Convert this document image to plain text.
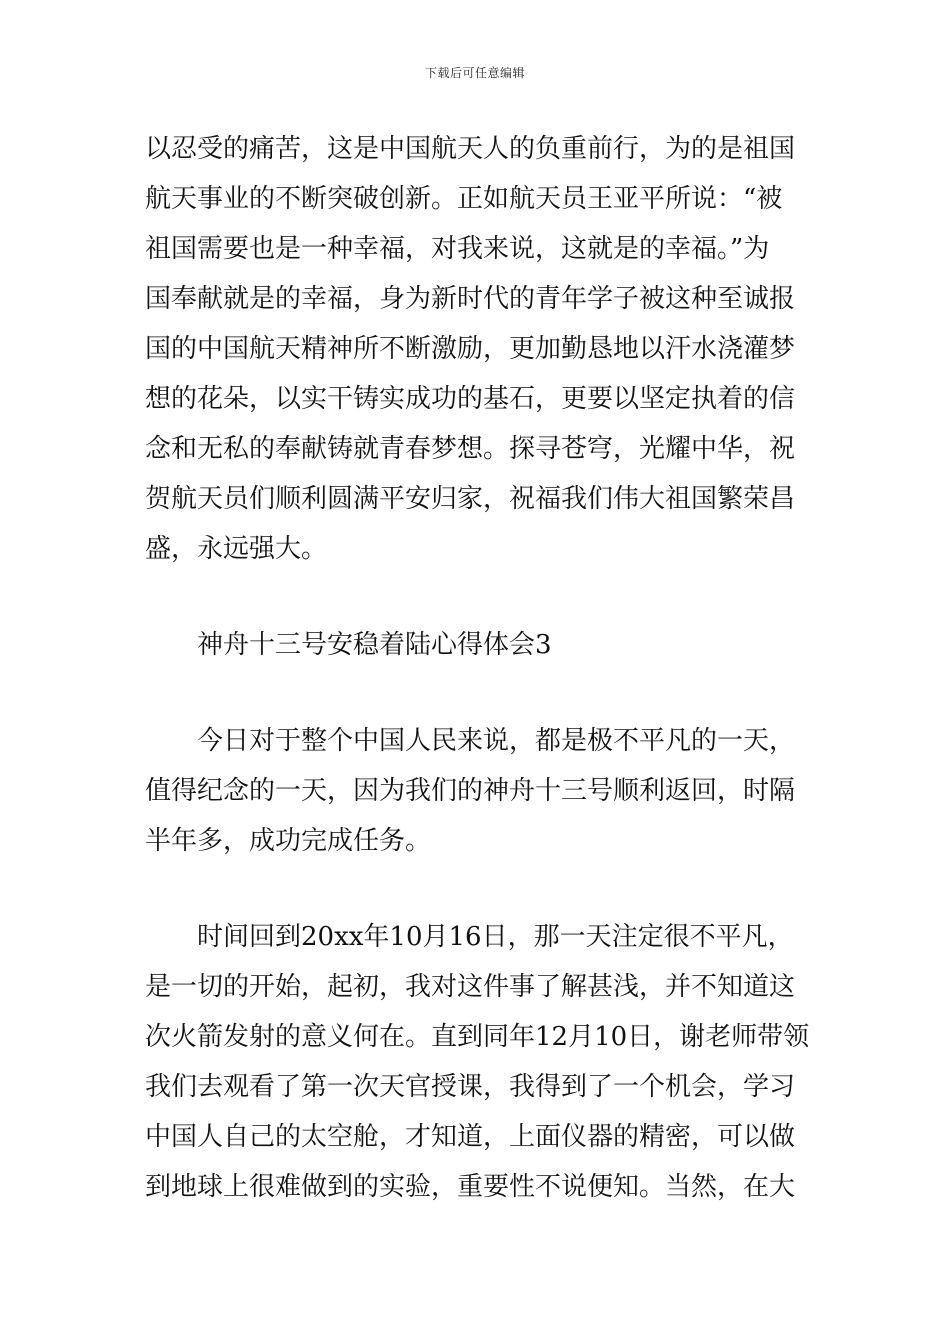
下载后可任意编辑
以忍受的痛苦，这是中国航天人的负重前行，为的是祖国
航天事业的不断突破创新。正如航天员王亚平所说：“被
祖国需要也是一种幸福，对我来说，这就是的幸福。”为
国奉献就是的幸福，身为新时代的青年学子被这种至诚报
国的中国航天精神所不断激励，更加勤恳地以汗水浇灌梦
想的花朵，以实干铸实成功的基石，更要以坚定执着的信
念和无私的奉献铸就青春梦想。探寻苍穹，光耀中华，祝
贺航天员们顺利圆满平安归家，祝福我们伟大祖国繁荣昌
盛，永远强大。
神舟十三号安稳着陆心得体会3
今日对于整个中国人民来说，都是极不平凡的一天，
值得纪念的一天，因为我们的神舟十三号顺利返回，时隔
半年多，成功完成任务。
时间回到20xx年10月16日，那一天注定很不平凡，
是一切的开始，起初，我对这件事了解甚浅，并不知道这
次火箭发射的意义何在。直到同年12月10日，谢老师带领
我们去观看了第一次天官授课，我得到了一个机会，学习
中国人自己的太空舱，才知道，上面仪器的精密，可以做
到地球上很难做到的实验，重要性不说便知。当然，在大
